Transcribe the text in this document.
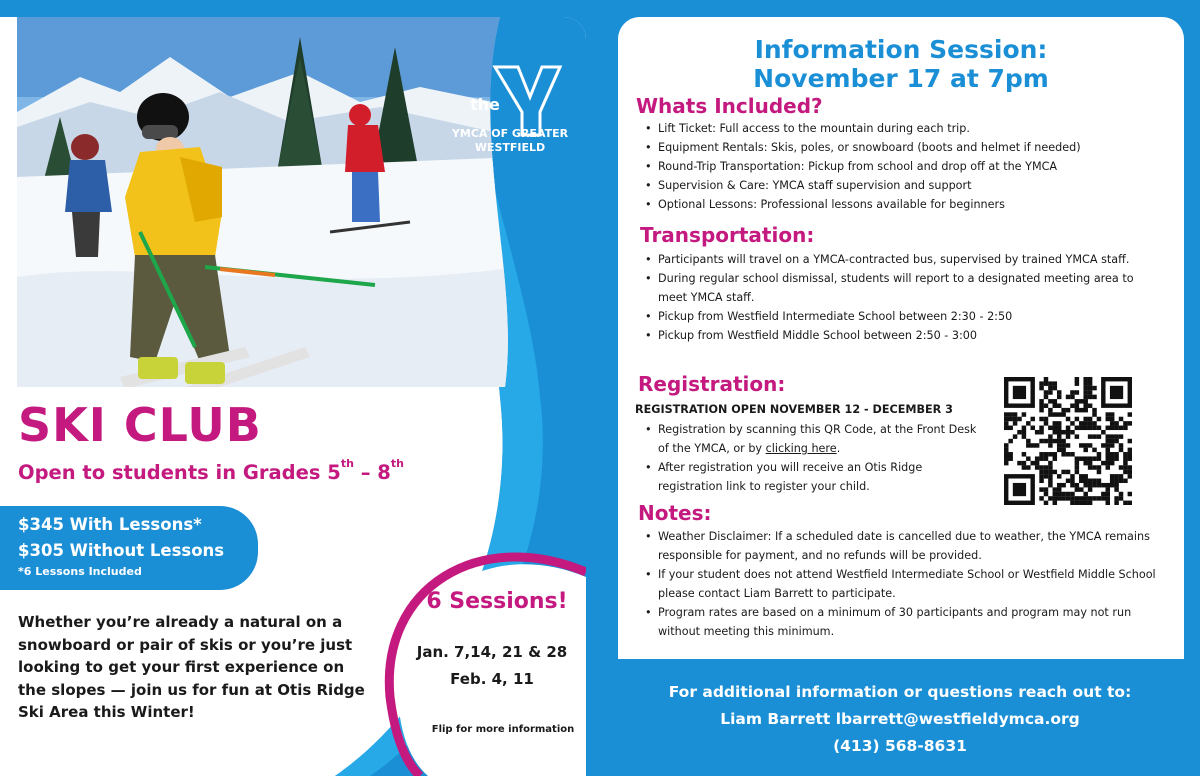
the
YMCA OF GREATER
WESTFIELD
SKI CLUB
Open to students in Grades 5th – 8th
$345 With Lessons*
$305 Without Lessons
*6 Lessons Included
Whether you’re already a natural on a snowboard or pair of skis or you’re just looking to get your first experience on the slopes — join us for fun at Otis Ridge Ski Area this Winter!
6 Sessions!
Jan. 7,14, 21 & 28
Feb. 4, 11
Flip for more information
Information Session:
November 17 at 7pm
Whats Included?
• Lift Ticket: Full access to the mountain during each trip.
• Equipment Rentals: Skis, poles, or snowboard (boots and helmet if needed)
• Round-Trip Transportation: Pickup from school and drop off at the YMCA
• Supervision & Care: YMCA staff supervision and support
• Optional Lessons: Professional lessons available for beginners
Transportation:
• Participants will travel on a YMCA-contracted bus, supervised by trained YMCA staff.
• During regular school dismissal, students will report to a designated meeting area to meet YMCA staff.
• Pickup from Westfield Intermediate School between 2:30 - 2:50
• Pickup from Westfield Middle School between 2:50 - 3:00
Registration:
REGISTRATION OPEN NOVEMBER 12 - DECEMBER 3
• Registration by scanning this QR Code, at the Front Desk of the YMCA, or by clicking here.
• After registration you will receive an Otis Ridge registration link to register your child.
Notes:
• Weather Disclaimer: If a scheduled date is cancelled due to weather, the YMCA remains responsible for payment, and no refunds will be provided.
• If your student does not attend Westfield Intermediate School or Westfield Middle School please contact Liam Barrett to participate.
• Program rates are based on a minimum of 30 participants and program may not run without meeting this minimum.
For additional information or questions reach out to:
Liam Barrett lbarrett@westfieldymca.org
(413) 568-8631
